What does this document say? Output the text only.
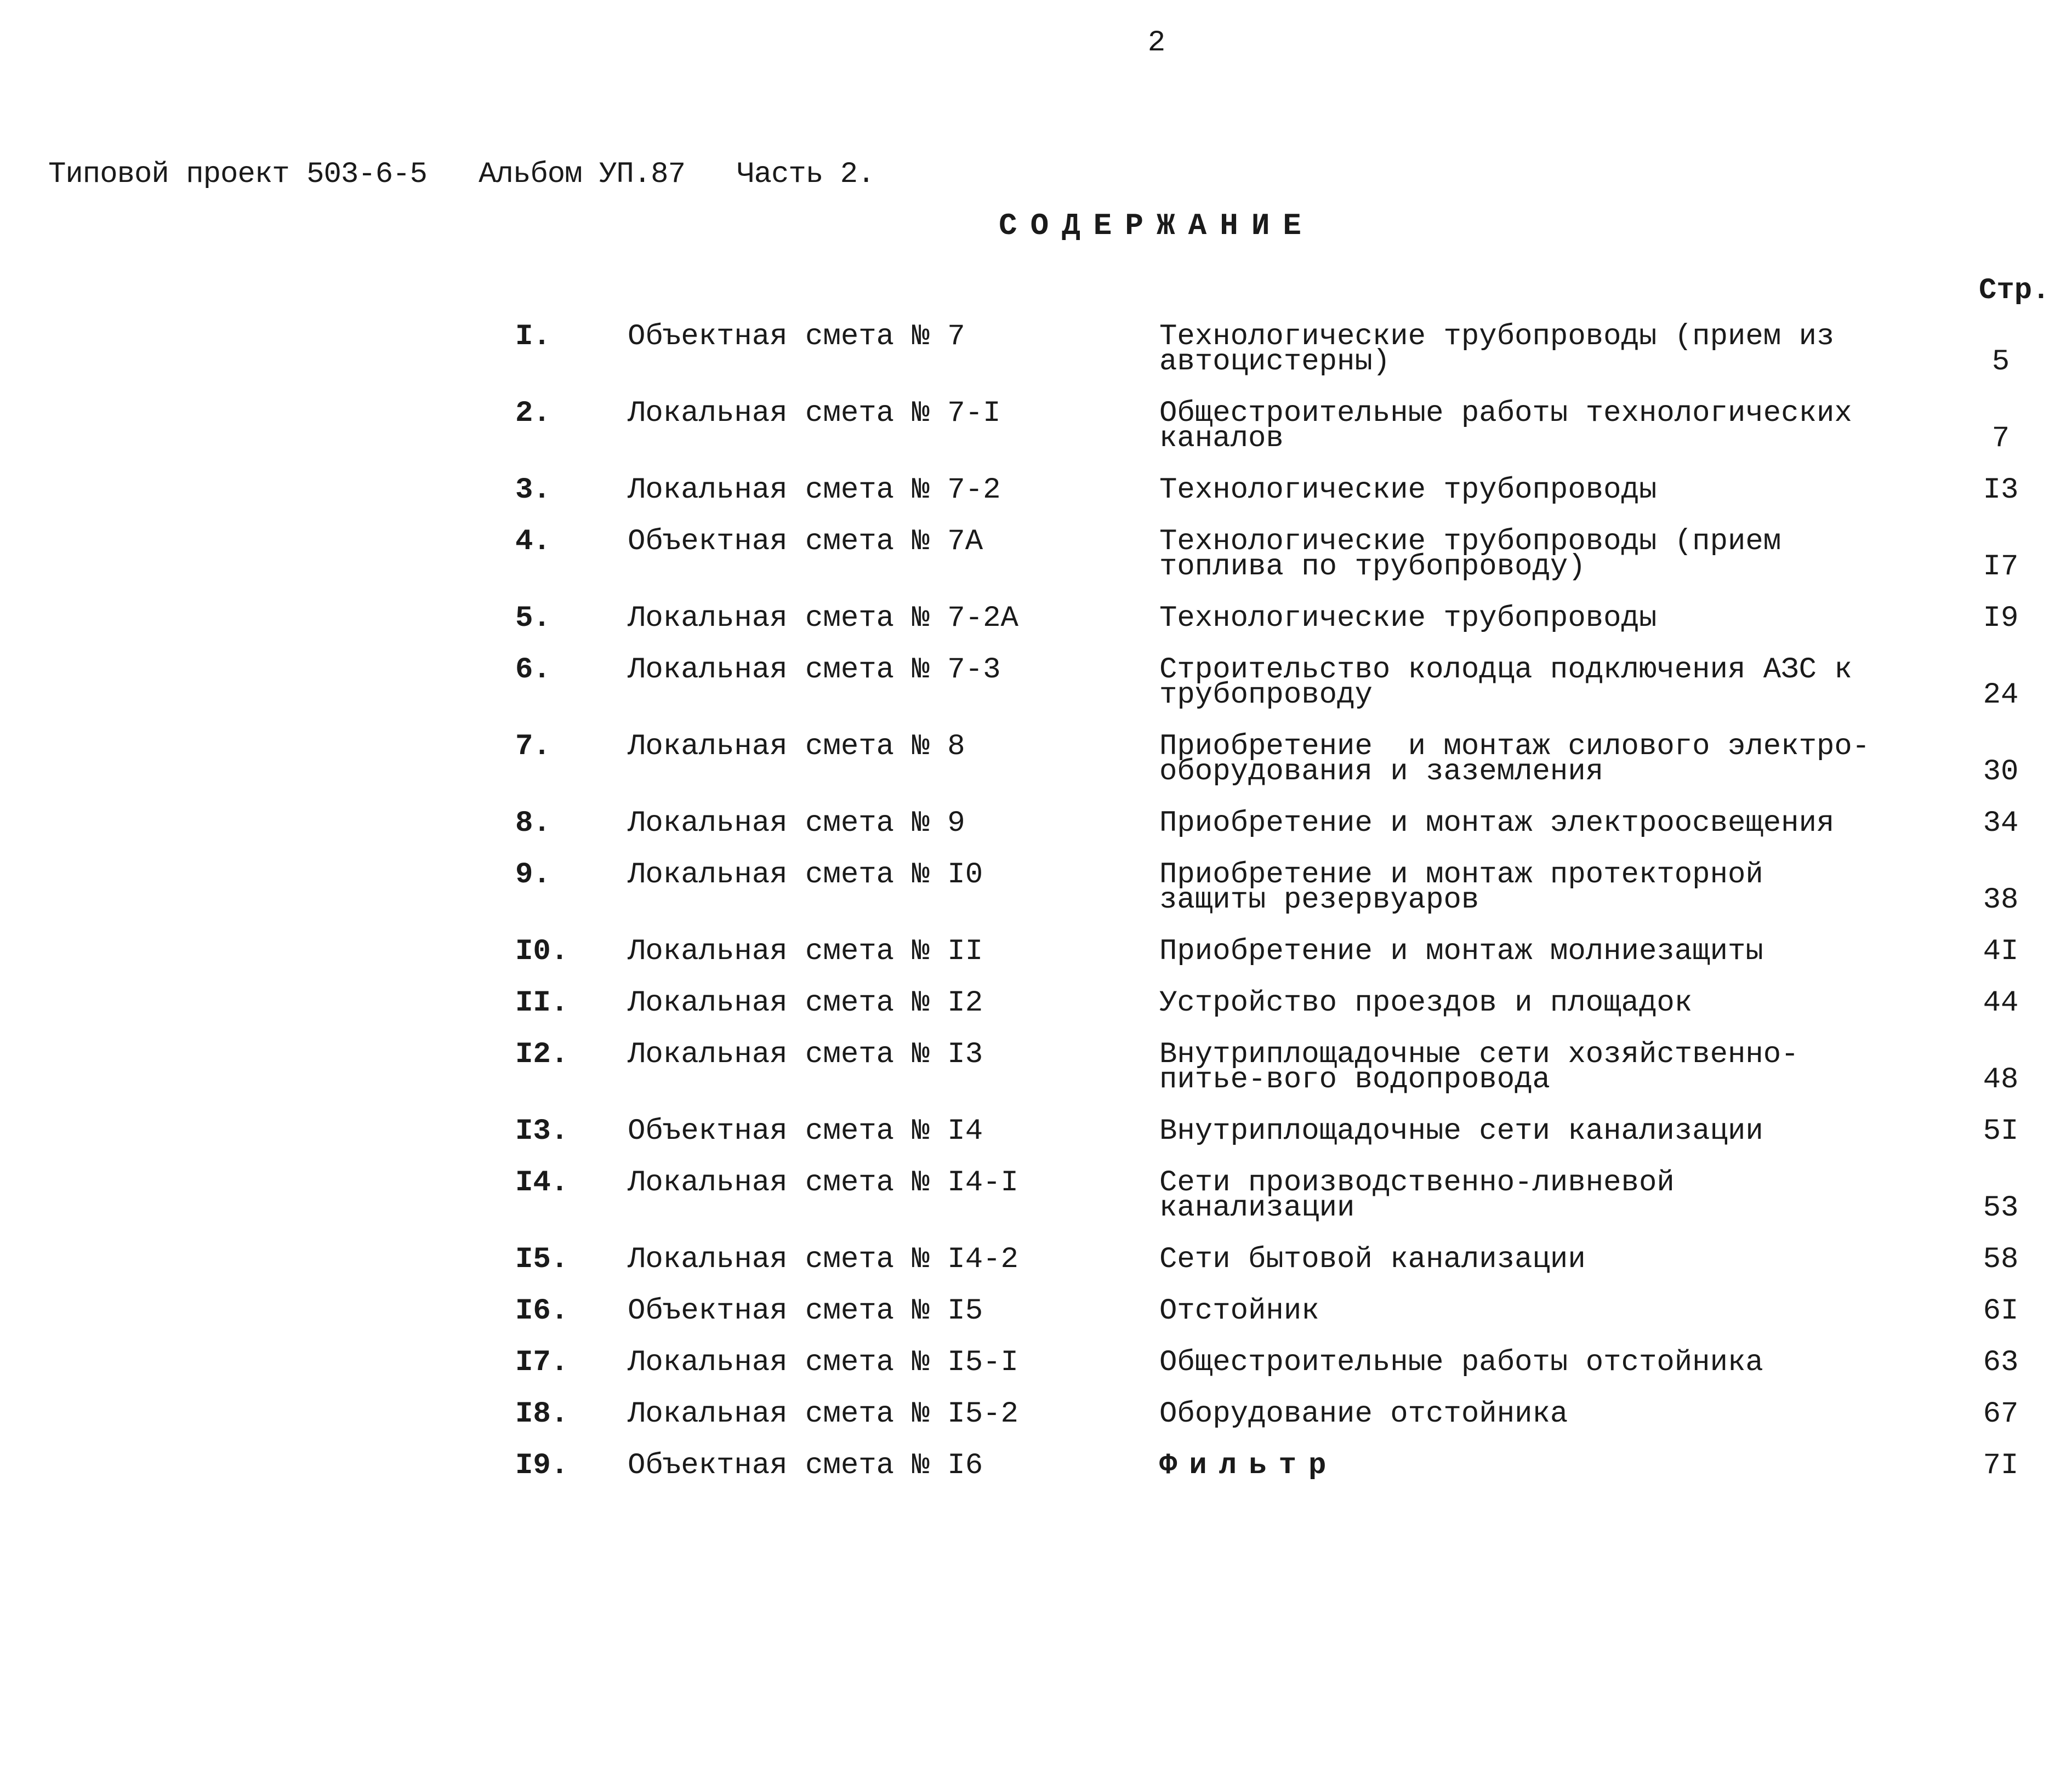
2
Типовой проект 503-6-5   Альбом УП.87   Часть 2.
СОДЕРЖАНИЕ
Стр.
I.	Объектная смета № 7	Технологические трубопроводы (прием из автоцистерны)	5
2.	Локальная смета № 7-I	Общестроительные работы технологических каналов	7
3.	Локальная смета № 7-2	Технологические трубопроводы	I3
4.	Объектная смета № 7А	Технологические трубопроводы (прием топлива по трубопроводу)	I7
5.	Локальная смета № 7-2А	Технологические трубопроводы	I9
6.	Локальная смета № 7-3	Строительство колодца подключения АЗС к трубопроводу	24
7.	Локальная смета № 8	Приобретение  и монтаж силового электро-оборудования и заземления	30
8.	Локальная смета № 9	Приобретение и монтаж электроосвещения	34
9.	Локальная смета № I0	Приобретение и монтаж протекторной защиты резервуаров	38
I0. Локальная смета № II	Приобретение и монтаж молниезащиты	4I
II. Локальная смета № I2	Устройство проездов и площадок	44
I2. Локальная смета № I3	Внутриплощадочные сети хозяйственно-питье-вого водопровода	48
I3. Объектная смета № I4	Внутриплощадочные сети канализации	5I
I4. Локальная смета № I4-I	Сети производственно-ливневой канализации	53
I5. Локальная смета № I4-2	Сети бытовой канализации	58
I6. Объектная смета № I5	Отстойник	6I
I7. Локальная смета № I5-I	Общестроительные работы отстойника	63
I8. Локальная смета № I5-2	Оборудование отстойника	67
I9. Объектная смета № I6	Фильтр	7I
